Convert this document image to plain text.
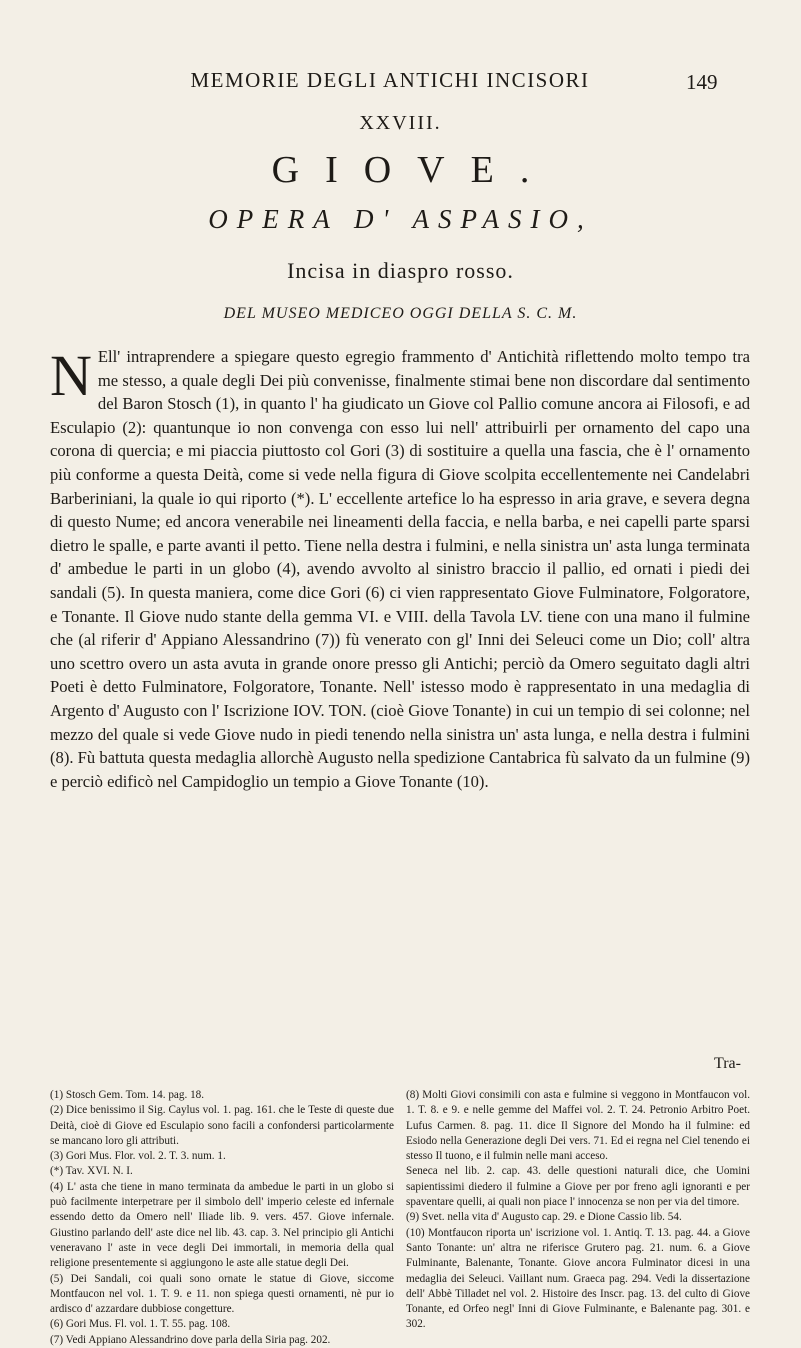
MEMORIE DEGLI ANTICHI INCISORI	149
XXVIII.
GIOVE.
OPERA D' ASPASIO,
Incisa in diaspro rosso.
DEL MUSEO MEDICEO OGGI DELLA S. C. M.
N Ell' intraprendere a spiegare questo egregio frammento d' Antichità riflettendo molto tempo tra me stesso, a quale degli Dei più convenisse, finalmente stimai bene non discordare dal sentimento del Baron Stosch (1), in quanto l' ha giudicato un Giove col Pallio comune ancora ai Filosofi, e ad Esculapio (2): quantunque io non convenga con esso lui nell' attribuirli per ornamento del capo una corona di quercia; e mi piaccia piuttosto col Gori (3) di sostituire a quella una fascia, che è l' ornamento più conforme a questa Deità, come si vede nella figura di Giove scolpita eccellentemente nei Candelabri Barberiniani, la quale io qui riporto (*). L' eccellente artefice lo ha espresso in aria grave, e severa degna di questo Nume; ed ancora venerabile nei lineamenti della faccia, e nella barba, e nei capelli parte sparsi dietro le spalle, e parte avanti il petto. Tiene nella destra i fulmini, e nella sinistra un' asta lunga terminata d' ambedue le parti in un globo (4), avendo avvolto al sinistro braccio il pallio, ed ornati i piedi dei sandali (5). In questa maniera, come dice Gori (6) ci vien rappresentato Giove Fulminatore, Folgoratore, e Tonante. Il Giove nudo stante della gemma VI. e VIII. della Tavola LV. tiene con una mano il fulmine che (al riferir d' Appiano Alessandrino (7)) fù venerato con gl' Inni dei Seleuci come un Dio; coll' altra uno scettro overo un asta avuta in grande onore presso gli Antichi; perciò da Omero seguitato dagli altri Poeti è detto Fulminatore, Folgoratore, Tonante. Nell' istesso modo è rappresentato in una medaglia di Argento d' Augusto con l' Iscrizione IOV. TON. (cioè Giove Tonante) in cui un tempio di sei colonne; nel mezzo del quale si vede Giove nudo in piedi tenendo nella sinistra un' asta lunga, e nella destra i fulmini (8). Fù battuta questa medaglia allorchè Augusto nella spedizione Cantabrica fù salvato da un fulmine (9) e perciò edificò nel Campidoglio un tempio a Giove Tonante (10).

Tra-

(1) Stosch Gem. Tom. 14. pag. 18.

(2) Dice benissimo il Sig. Caylus vol. 1. pag. 161. che le Teste di queste due Deità, cioè di Giove ed Esculapio sono facili a confondersi particolarmente se mancano loro gli attributi.

(3) Gori Mus. Flor. vol. 2. T. 3. num. 1.

(*) Tav. XVI. N. I.

(4) L' asta che tiene in mano terminata da ambedue le parti in un globo si può facilmente interpetrare per il simbolo dell' imperio celeste ed infernale essendo detto da Omero nell' Iliade lib. 9. vers. 457. Giove infernale. Giustino parlando dell' aste dice nel lib. 43. cap. 3. Nel principio gli Antichi veneravano l' aste in vece degli Dei immortali, in memoria della qual religione presentemente si aggiungono le aste alle statue degli Dei.

(5) Dei Sandali, coi quali sono ornate le statue di Giove, siccome Montfaucon nel vol. 1. T. 9. e 11. non spiega questi ornamenti, nè pur io ardisco d' azzardare dubbiose congetture.

(6) Gori Mus. Fl. vol. 1. T. 55. pag. 108.

(7) Vedi Appiano Alessandrino dove parla della Siria pag. 202.

(8) Molti Giovi consimili con asta e fulmine si veggono in Montfaucon vol. 1. T. 8. e 9. e nelle gemme del Maffei vol. 2. T. 24. Petronio Arbitro Poet. Lufus Carmen. 8. pag. 11. dice Il Signore del Mondo ha il fulmine: ed Esiodo nella Generazione degli Dei vers. 71. Ed ei regna nel Ciel tenendo ei stesso Il tuono, e il fulmin nelle mani acceso.

Seneca nel lib. 2. cap. 43. delle questioni naturali dice, che Uomini sapientissimi diedero il fulmine a Giove per por freno agli ignoranti e per spaventare quelli, ai quali non piace l' innocenza se non per via del timore.

(9) Svet. nella vita d' Augusto cap. 29. e Dione Cassio lib. 54.

(10) Montfaucon riporta un' iscrizione vol. 1. Antiq. T. 13. pag. 44. a Giove Santo Tonante: un' altra ne riferisce Grutero pag. 21. num. 6. a Giove Fulminante, Balenante, Tonante. Giove ancora Fulminator dicesi in una medaglia dei Seleuci. Vaillant num. Graeca pag. 294. Vedi la dissertazione dell' Abbè Tilladet nel vol. 2. Histoire des Inscr. pag. 13. del culto di Giove Tonante, ed Orfeo negl' Inni di Giove Fulminante, e Balenante pag. 301. e 302.
